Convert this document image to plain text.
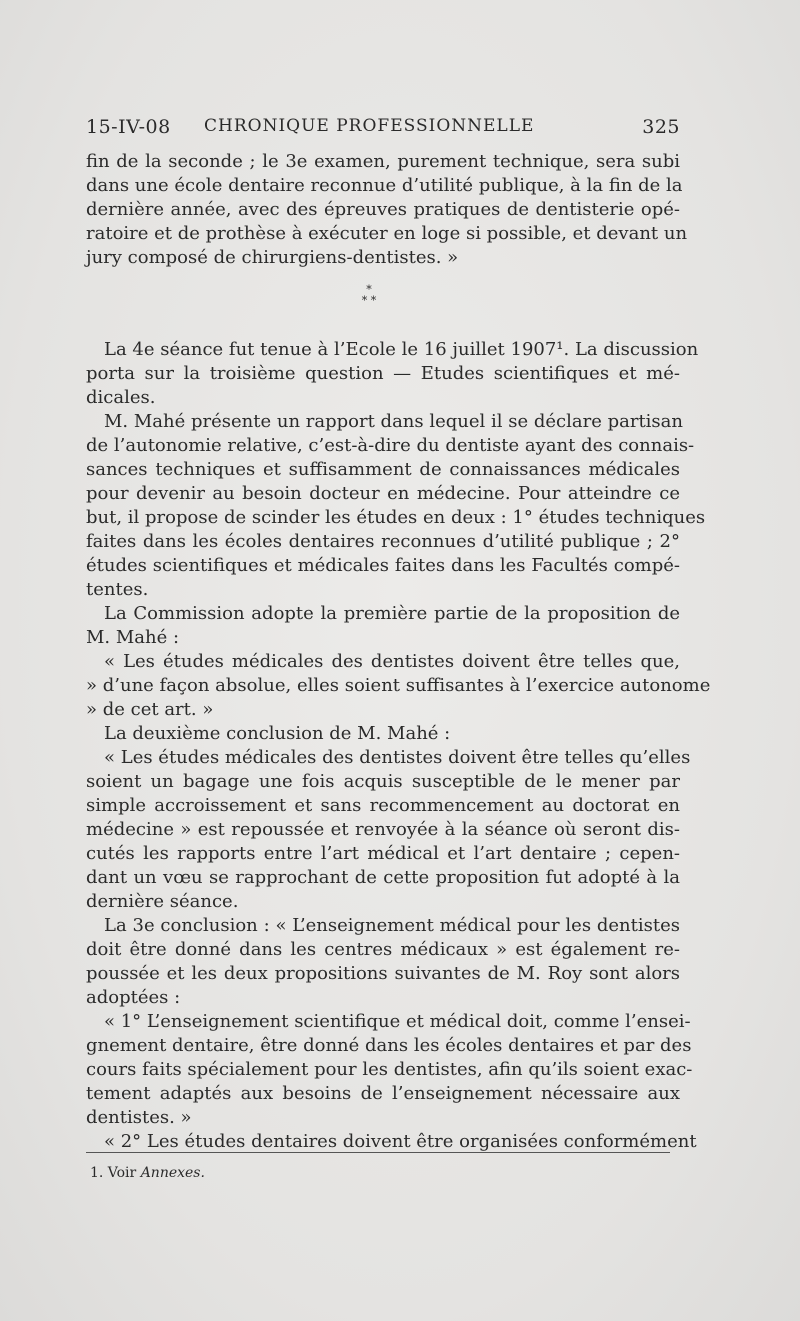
15-IV-08 CHRONIQUE PROFESSIONNELLE	325
fin de la seconde ; le 3e examen, purement technique, sera subi
dans une école dentaire reconnue d’utilité publique, à la fin de la
dernière année, avec des épreuves pratiques de dentisterie opé-
ratoire et de prothèse à exécuter en loge si possible, et devant un
jury composé de chirurgiens-dentistes. »
*
* *
La 4e séance fut tenue à l’Ecole le 16 juillet 1907¹. La discussion
porta sur la troisième question — Etudes scientifiques et mé-
dicales.
M. Mahé présente un rapport dans lequel il se déclare partisan
de l’autonomie relative, c’est-à-dire du dentiste ayant des connais-
sances techniques et suffisamment de connaissances médicales
pour devenir au besoin docteur en médecine. Pour atteindre ce
but, il propose de scinder les études en deux : 1° études techniques
faites dans les écoles dentaires reconnues d’utilité publique ; 2°
études scientifiques et médicales faites dans les Facultés compé-
tentes.
La Commission adopte la première partie de la proposition de
M. Mahé :
« Les études médicales des dentistes doivent être telles que,
» d’une façon absolue, elles soient suffisantes à l’exercice autonome
» de cet art. »
La deuxième conclusion de M. Mahé :
« Les études médicales des dentistes doivent être telles qu’elles
soient un bagage une fois acquis susceptible de le mener par
simple accroissement et sans recommencement au doctorat en
médecine » est repoussée et renvoyée à la séance où seront dis-
cutés les rapports entre l’art médical et l’art dentaire ; cepen-
dant un vœu se rapprochant de cette proposition fut adopté à la
dernière séance.
La 3e conclusion : « L’enseignement médical pour les dentistes
doit être donné dans les centres médicaux » est également re-
poussée et les deux propositions suivantes de M. Roy sont alors
adoptées :
« 1° L’enseignement scientifique et médical doit, comme l’ensei-
gnement dentaire, être donné dans les écoles dentaires et par des
cours faits spécialement pour les dentistes, afin qu’ils soient exac-
tement adaptés aux besoins de l’enseignement nécessaire aux
dentistes. »
« 2° Les études dentaires doivent être organisées conformément
1. Voir Annexes.
